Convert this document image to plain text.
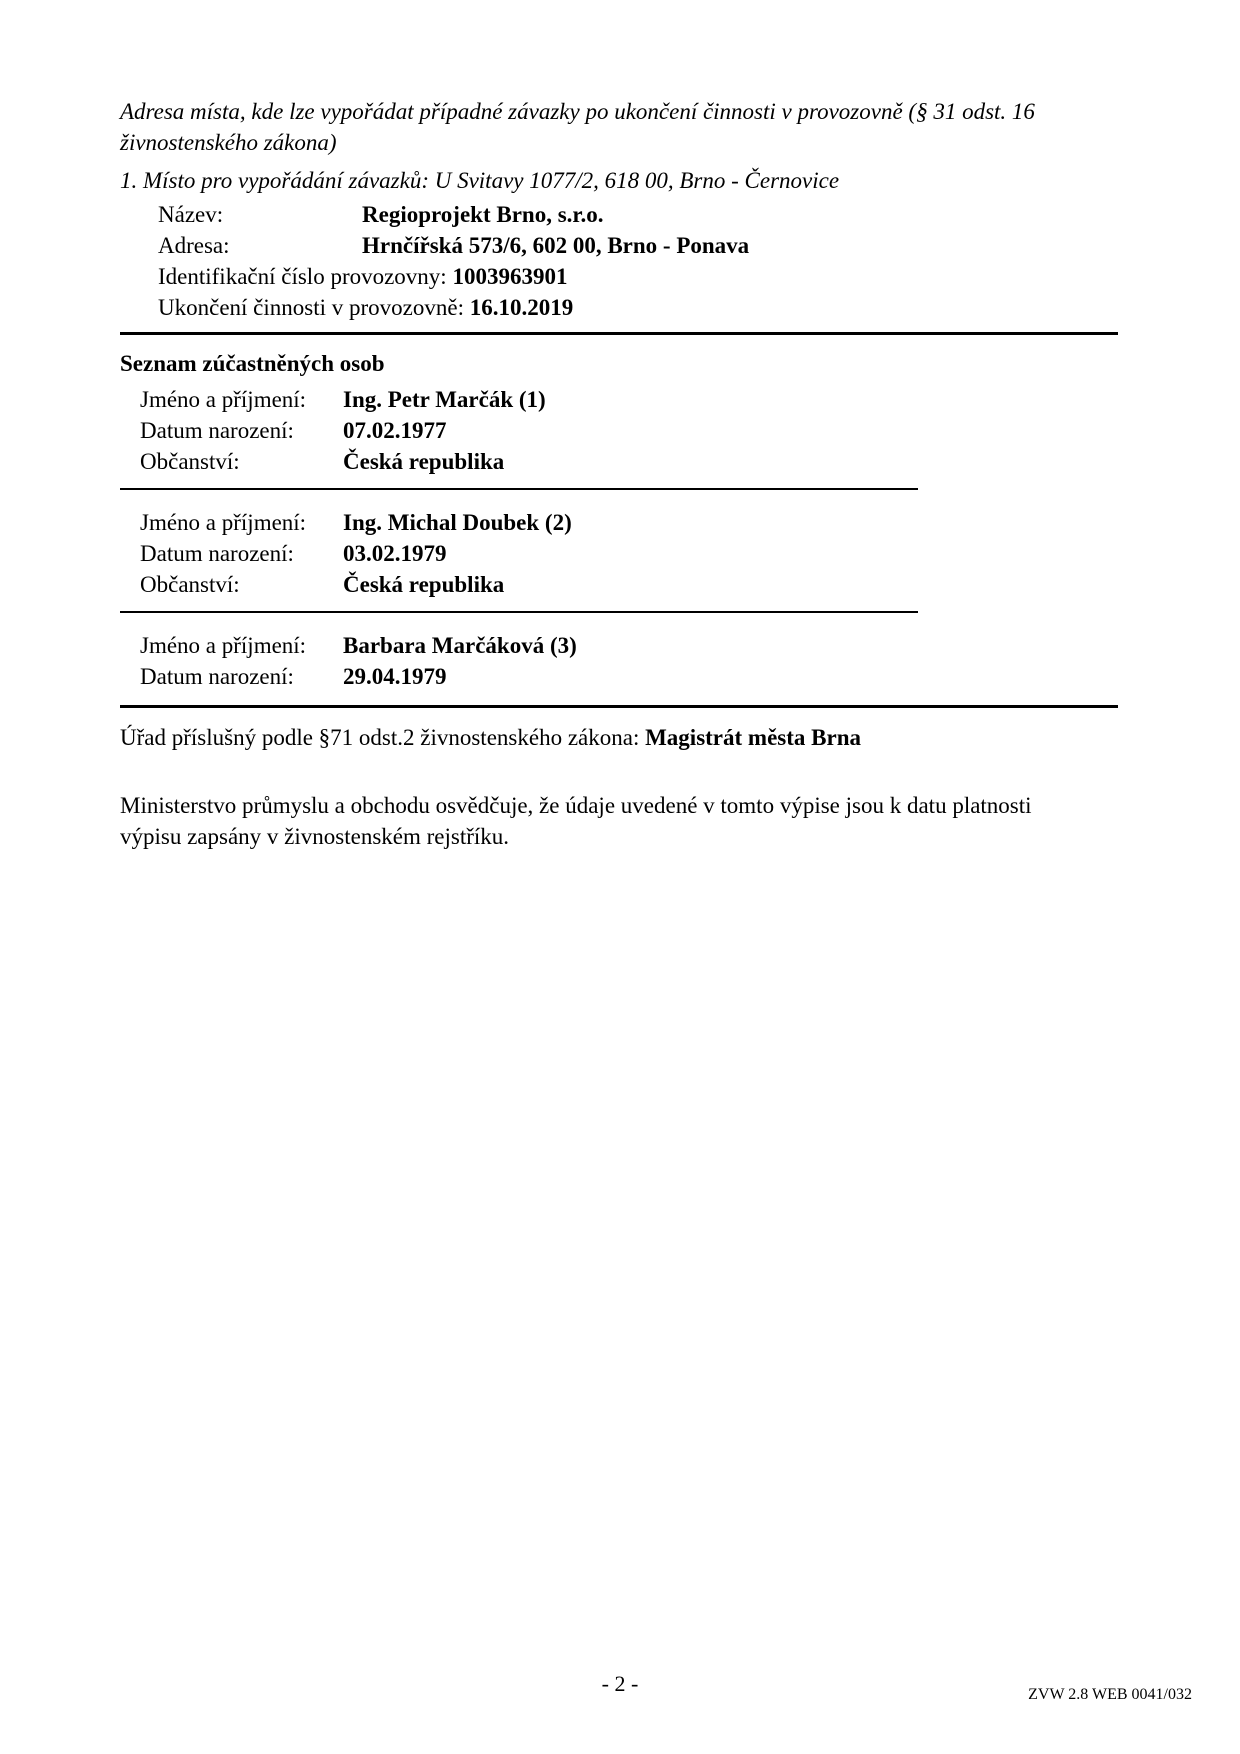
Adresa místa, kde lze vypořádat případné závazky po ukončení činnosti v provozovně (§ 31 odst. 16 živnostenského zákona)

1. Místo pro vypořádání závazků: U Svitavy 1077/2, 618 00, Brno - Černovice

Název:	Regioprojekt Brno, s.r.o.
Adresa:	Hrnčířská 573/6, 602 00, Brno - Ponava
Identifikační číslo provozovny: 1003963901
Ukončení činnosti v provozovně: 16.10.2019
Seznam zúčastněných osob
Jméno a příjmení:	Ing. Petr Marčák (1)
Datum narození:	07.02.1977
Občanství:	Česká republika
Jméno a příjmení:	Ing. Michal Doubek (2)
Datum narození:	03.02.1979
Občanství:	Česká republika
Jméno a příjmení:	Barbara Marčáková (3)
Datum narození:	29.04.1979

Úřad příslušný podle §71 odst.2 živnostenského zákona: Magistrát města Brna

Ministerstvo průmyslu a obchodu osvědčuje, že údaje uvedené v tomto výpise jsou k datu platnosti výpisu zapsány v živnostenském rejstříku.

- 2 -	ZVW 2.8 WEB 0041/032
